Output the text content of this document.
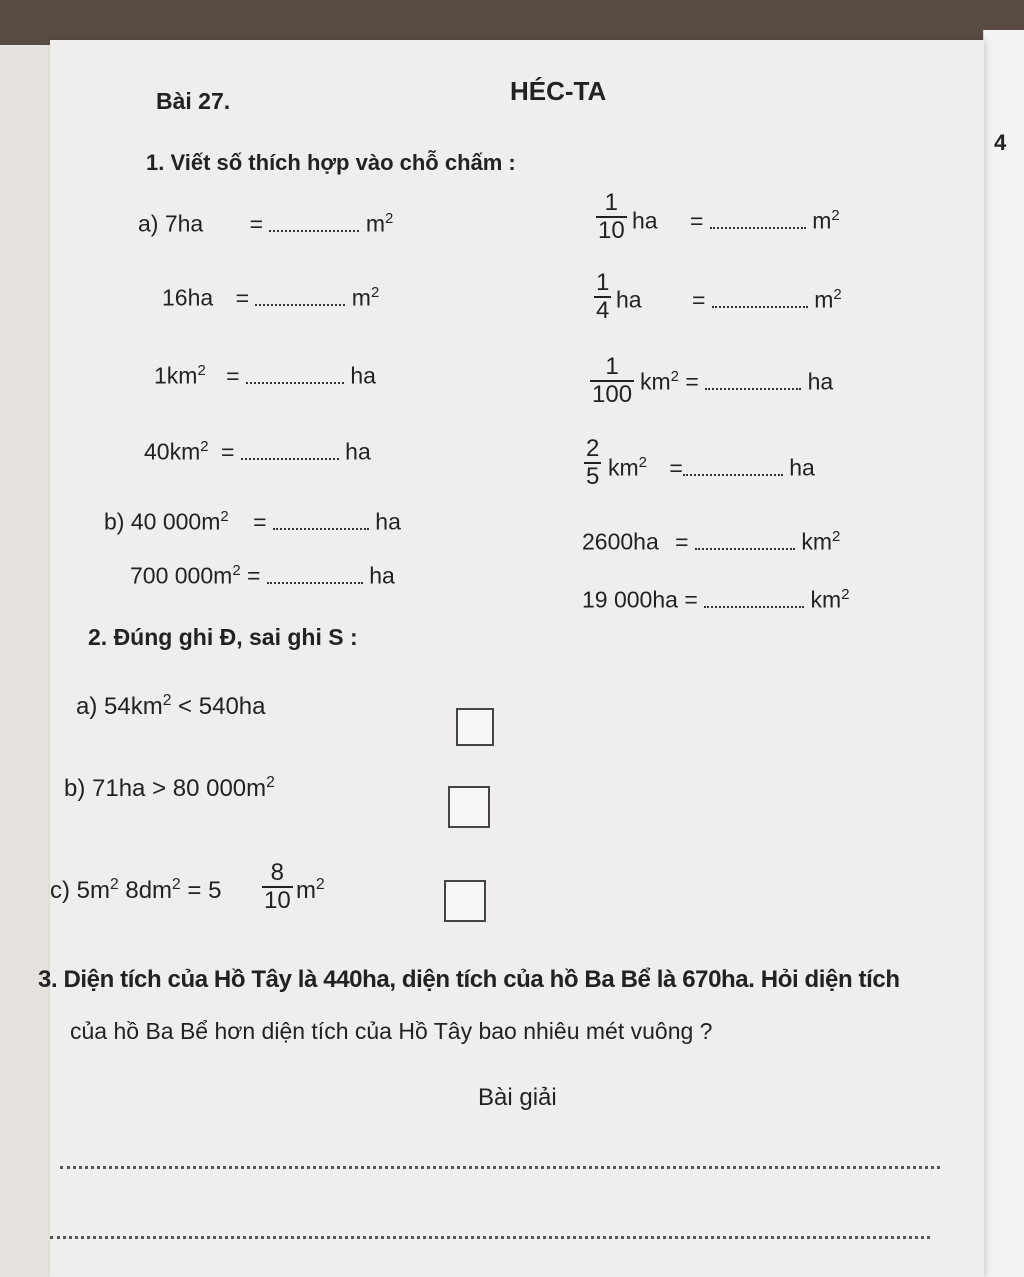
4
Bài 27.	HÉC-TA
1. Viết số thích hợp vào chỗ chấm :
a) 7ha =	$m^2$
16ha =	$m^2$
$1km^2$ =	ha
$40km^2$ =	ha
b) 40 $000m^2$ =	ha
700 $000m^2$ =	ha
$\frac{1}{10}$ ha =	$m^2$
$\frac{1}{4}$ ha =	$m^2$
$\frac{1}{100} km^2$ =	ha
$\frac{2}{5} km^2$ =	ha
2600ha =	$km^2$
19 000ha =	$km^2$
2. Đúng ghi Đ, sai ghi S :
a) $54km^2 < 540ha$
b) 71ha > 80 $000m^2$
c) $5m^2$ $8dm^2 = 5 \frac{8}{10} m^2$
3. Diện tích của Hồ Tây là 440ha, diện tích của hồ Ba Bể là 670ha. Hỏi diện tích
của hồ Ba Bể hơn diện tích của Hồ Tây bao nhiêu mét vuông ?
Bài giải
